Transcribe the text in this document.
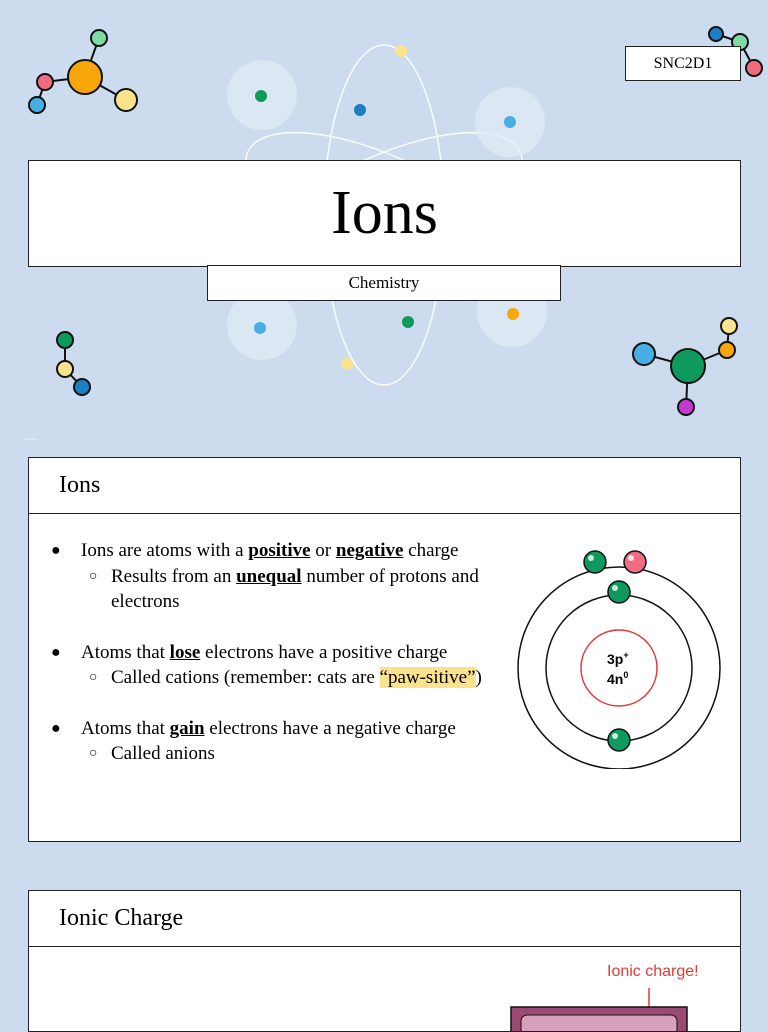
SNC2D1
Ions
Chemistry
Ions
●	Ions are atoms with a positive or negative charge
○ Results from an unequal number of protons and electrons
●	Atoms that lose electrons have a positive charge
○ Called cations (remember: cats are “paw-sitive”)
●	Atoms that gain electrons have a negative charge
○ Called anions
3p+
$4n^0$
Ionic Charge
Ionic charge!
